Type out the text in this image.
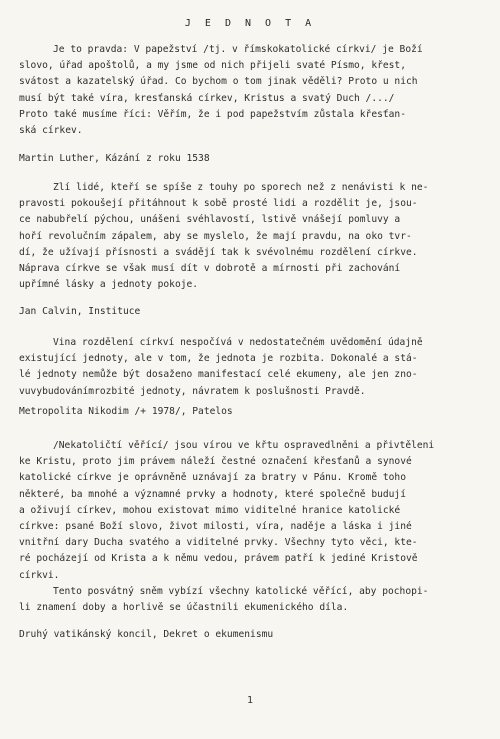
J E D N O T A
Je to pravda: V papežství /tj. v římskokatolické církvi/ je Boží
slovo, úřad apoštolů, a my jsme od nich přijeli svaté Písmo, křest,
svátost a kazatelský úřad. Co bychom o tom jinak věděli? Proto u nich
musí být také víra, kresťanská církev, Kristus a svatý Duch /.../
Proto také musíme říci: Věřím, že i pod papežstvím zůstala křesťan-
ská církev.
Martin Luther, Kázání z roku 1538
Zlí lidé, kteří se spíše z touhy po sporech než z nenávisti k ne-
pravosti pokoušejí přitáhnout k sobě prosté lidi a rozdělit je, jsou-
ce nabubřelí pýchou, unášeni svéhlavostí, lstivě vnášejí pomluvy a
hoří revolučním zápalem, aby se myslelo, že mají pravdu, na oko tvr-
dí, že užívají přísnosti a svádějí tak k svévolnému rozdělení církve.
Náprava církve se však musí dít v dobrotě a mírnosti při zachování
upřímné lásky a jednoty pokoje.
Jan Calvin, Instituce
Vina rozdělení církví nespočívá v nedostatečném uvědomění údajně
existující jednoty, ale v tom, že jednota je rozbita. Dokonalé a stá-
lé jednoty nemůže být dosaženo manifestací celé ekumeny, ale jen zno-
vuvybudovánímrozbité jednoty, návratem k poslušnosti Pravdě.
Metropolita Nikodim /+ 1978/, Patelos
/Nekatoličtí věřící/ jsou vírou ve křtu ospravedlněni a přivtěleni
ke Kristu, proto jim právem náleží čestné označení křesťanů a synové
katolické církve je oprávněně uznávají za bratry v Pánu. Kromě toho
některé, ba mnohé a významné prvky a hodnoty, které společně budují
a oživují církev, mohou existovat mimo viditelné hranice katolické
církve: psané Boží slovo, život milosti, víra, naděje a láska i jiné
vnitřní dary Ducha svatého a viditelné prvky. Všechny tyto věci, kte-
ré pocházejí od Krista a k němu vedou, právem patří k jediné Kristově
církvi.
Tento posvátný sněm vybízí všechny katolické věřící, aby pochopi-
li znamení doby a horlivě se účastnili ekumenického díla.
Druhý vatikánský koncil, Dekret o ekumenismu
1
